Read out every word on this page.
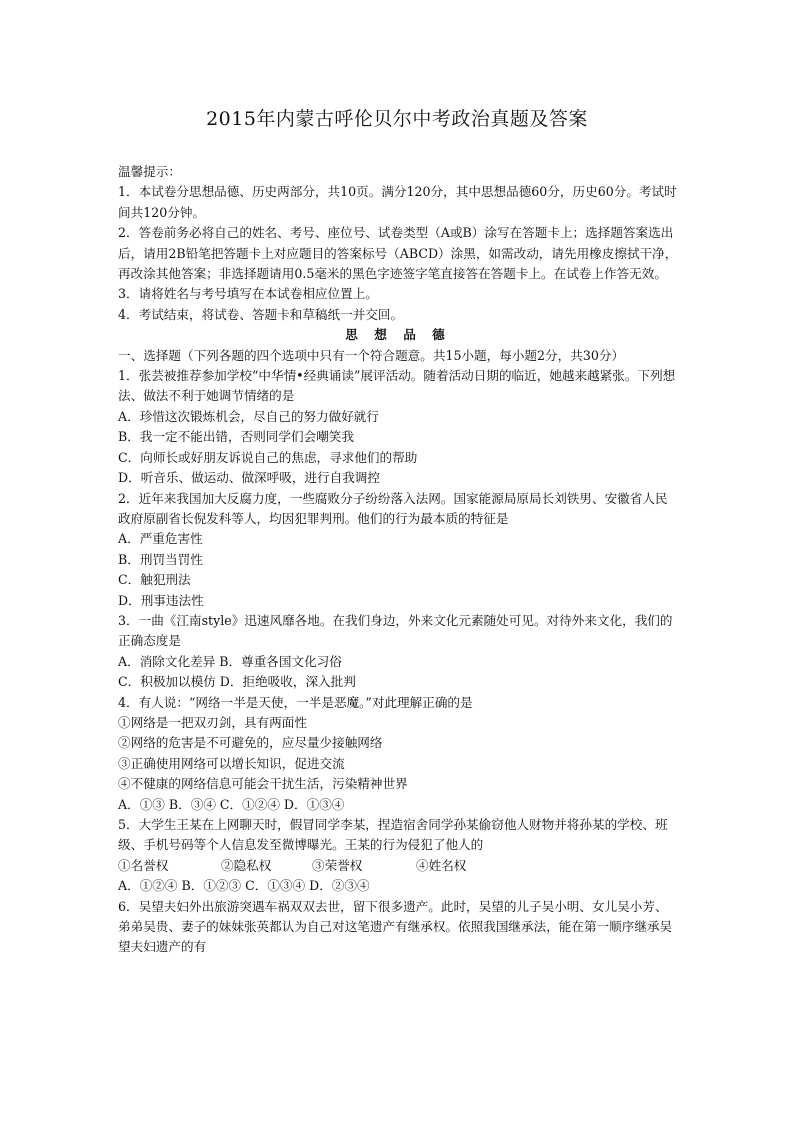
2015年内蒙古呼伦贝尔中考政治真题及答案

温馨提示：

1．本试卷分思想品德、历史两部分，共10页。满分120分，其中思想品德60分，历史60分。考试时间共120分钟。

2．答卷前务必将自己的姓名、考号、座位号、试卷类型（A或B）涂写在答题卡上；选择题答案选出后，请用2B铅笔把答题卡上对应题目的答案标号（ABCD）涂黑，如需改动，请先用橡皮擦拭干净，再改涂其他答案；非选择题请用0.5毫米的黑色字迹签字笔直接答在答题卡上。在试卷上作答无效。

3．请将姓名与考号填写在本试卷相应位置上。

4．考试结束，将试卷、答题卡和草稿纸一并交回。

思 想 品 德

一、选择题（下列各题的四个选项中只有一个符合题意。共15小题，每小题2分，共30分）

1．张芸被推荐参加学校“中华情•经典诵读”展评活动。随着活动日期的临近，她越来越紧张。下列想法、做法不利于她调节情绪的是

A．珍惜这次锻炼机会，尽自己的努力做好就行

B．我一定不能出错，否则同学们会嘲笑我

C．向师长或好朋友诉说自己的焦虑，寻求他们的帮助

D．听音乐、做运动、做深呼吸，进行自我调控

2．近年来我国加大反腐力度，一些腐败分子纷纷落入法网。国家能源局原局长刘铁男、安徽省人民政府原副省长倪发科等人，均因犯罪判刑。他们的行为最本质的特征是

A．严重危害性

B．刑罚当罚性

C．触犯刑法

D．刑事违法性

3．一曲《江南style》迅速风靡各地。在我们身边，外来文化元素随处可见。对待外来文化，我们的正确态度是

A．消除文化差异 B．尊重各国文化习俗

C．积极加以模仿 D．拒绝吸收，深入批判

4．有人说：“网络一半是天使，一半是恶魔。”对此理解正确的是

①网络是一把双刃剑，具有两面性

②网络的危害是不可避免的，应尽量少接触网络

③正确使用网络可以增长知识，促进交流

④不健康的网络信息可能会干扰生活，污染精神世界

A．①③ B．③④ C．①②④ D．①③④

5．大学生王某在上网聊天时，假冒同学李某，捏造宿舍同学孙某偷窃他人财物并将孙某的学校、班级、手机号码等个人信息发至微博曝光。王某的行为侵犯了他人的

①名誉权	②隐私权	③荣誉权	④姓名权

A．①②④ B．①②③ C．①③④ D．②③④

6．吴望夫妇外出旅游突遇车祸双双去世，留下很多遗产。此时，吴望的儿子吴小明、女儿吴小芳、弟弟吴贵、妻子的妹妹张英都认为自己对这笔遗产有继承权。依照我国继承法，能在第一顺序继承吴望夫妇遗产的有
